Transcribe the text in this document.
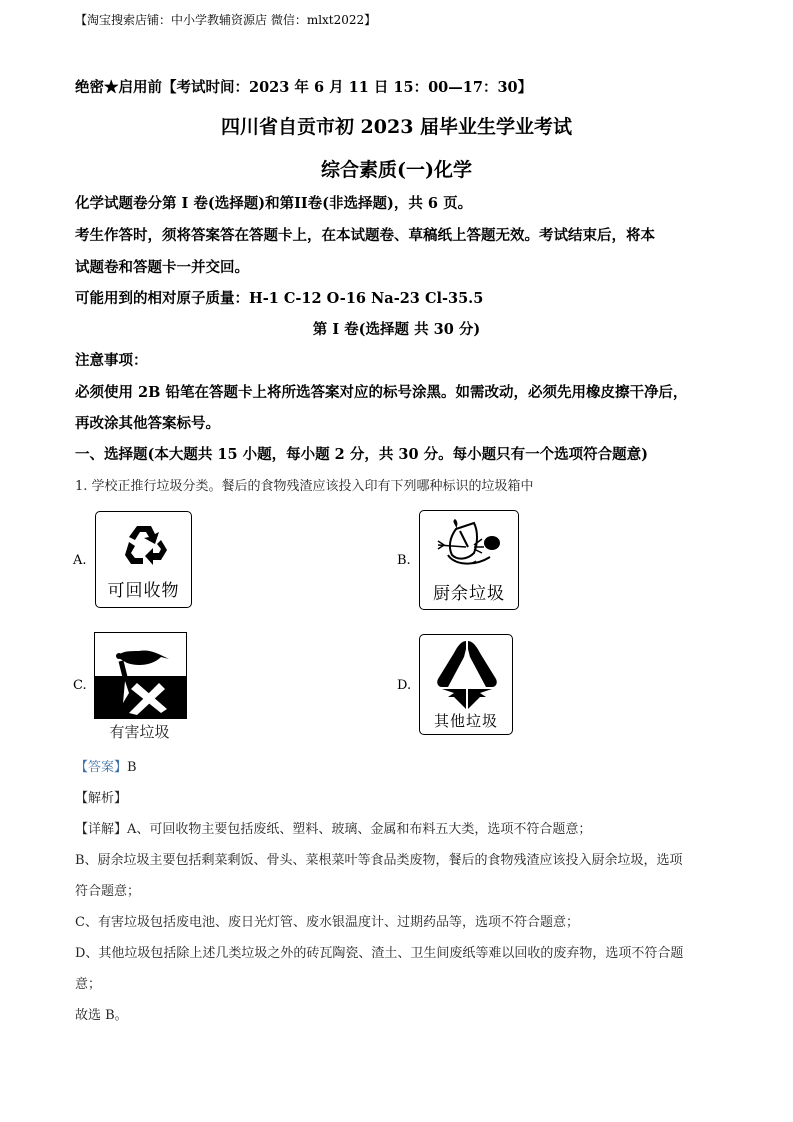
【淘宝搜索店铺：中小学教辅资源店 微信：mlxt2022】
绝密★启用前【考试时间：2023 年 6 月 11 日 15：00—17：30】
四川省自贡市初 2023 届毕业生学业考试
综合素质(一)化学
化学试题卷分第 I 卷(选择题)和第II卷(非选择题)，共 6 页。
考生作答时，须将答案答在答题卡上，在本试题卷、草稿纸上答题无效。考试结束后，将本
试题卷和答题卡一并交回。
可能用到的相对原子质量：H-1 C-12 O-16 Na-23 Cl-35.5
第 I 卷(选择题 共 30 分)
注意事项：
必须使用 2B 铅笔在答题卡上将所选答案对应的标号涂黑。如需改动，必须先用橡皮擦干净后，
再改涂其他答案标号。
一、选择题(本大题共 15 小题，每小题 2 分，共 30 分。每小题只有一个选项符合题意)
1. 学校正推行垃圾分类。餐后的食物残渣应该投入印有下列哪种标识的垃圾箱中
A.
可回收物
B.
厨余垃圾
C.
有害垃圾
D.
其他垃圾
【答案】B
【解析】
【详解】A、可回收物主要包括废纸、塑料、玻璃、金属和布料五大类，选项不符合题意；
B、厨余垃圾主要包括剩菜剩饭、骨头、菜根菜叶等食品类废物，餐后的食物残渣应该投入厨余垃圾，选项
符合题意；
C、有害垃圾包括废电池、废日光灯管、废水银温度计、过期药品等，选项不符合题意；
D、其他垃圾包括除上述几类垃圾之外的砖瓦陶瓷、渣土、卫生间废纸等难以回收的废弃物，选项不符合题
意；
故选 B。
